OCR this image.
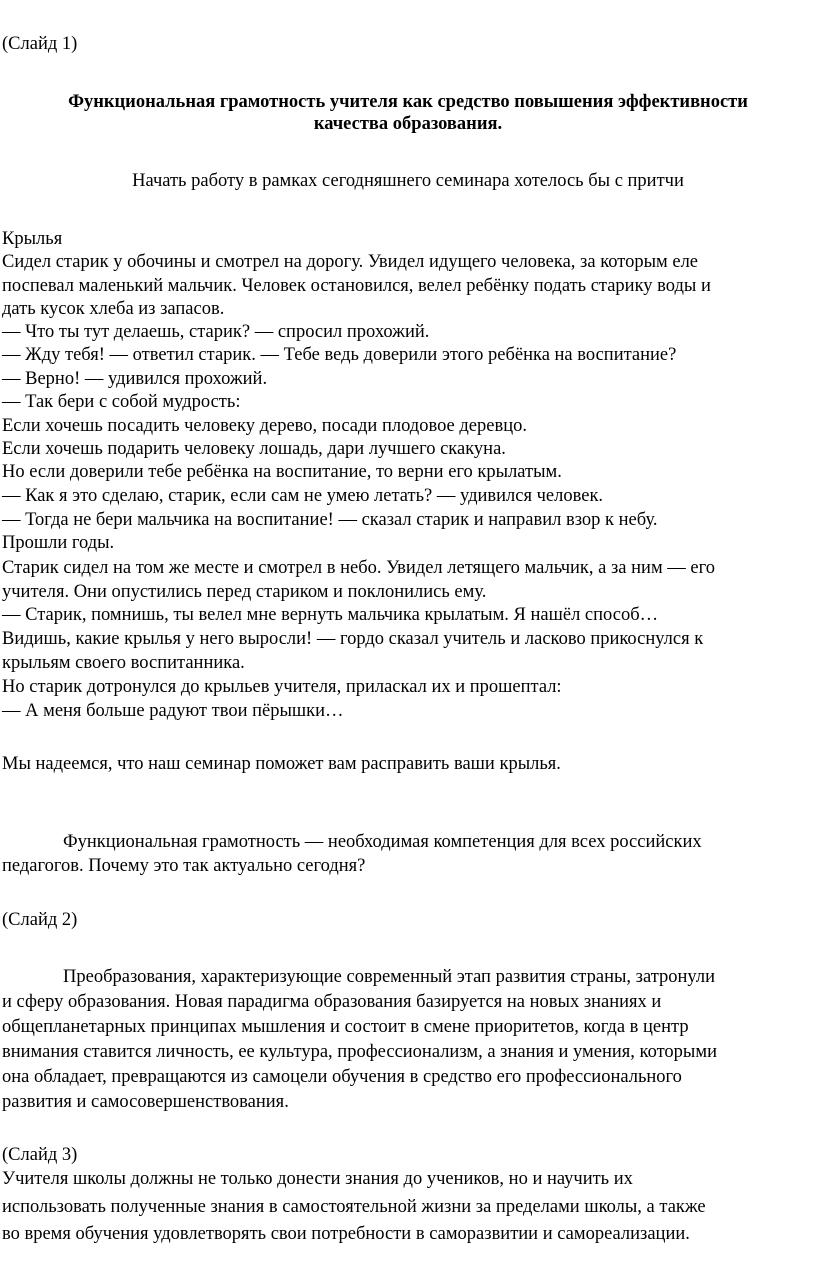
(Слайд 1)
Функциональная грамотность учителя как средство повышения эффективности
качества образования.
Начать работу в рамках сегодняшнего семинара хотелось бы с притчи
Крылья
Сидел старик у обочины и смотрел на дорогу. Увидел идущего человека, за которым еле
поспевал маленький мальчик. Человек остановился, велел ребёнку подать старику воды и
дать кусок хлеба из запасов.
— Что ты тут делаешь, старик? — спросил прохожий.
— Жду тебя! — ответил старик. — Тебе ведь доверили этого ребёнка на воспитание?
— Верно! — удивился прохожий.
— Так бери с собой мудрость:
Если хочешь посадить человеку дерево, посади плодовое деревцо.
Если хочешь подарить человеку лошадь, дари лучшего скакуна.
Но если доверили тебе ребёнка на воспитание, то верни его крылатым.
— Как я это сделаю, старик, если сам не умею летать? — удивился человек.
— Тогда не бери мальчика на воспитание! — сказал старик и направил взор к небу.
Прошли годы.
Старик сидел на том же месте и смотрел в небо. Увидел летящего мальчик, а за ним — его
учителя. Они опустились перед стариком и поклонились ему.
— Старик, помнишь, ты велел мне вернуть мальчика крылатым. Я нашёл способ…
Видишь, какие крылья у него выросли! — гордо сказал учитель и ласково прикоснулся к
крыльям своего воспитанника.
Но старик дотронулся до крыльев учителя, приласкал их и прошептал:
— А меня больше радуют твои пёрышки…
Мы надеемся, что наш семинар поможет вам расправить ваши крылья.
Функциональная грамотность — необходимая компетенция для всех российских
педагогов. Почему это так актуально сегодня?
(Слайд 2)
Преобразования, характеризующие современный этап развития страны, затронули
и сферу образования. Новая парадигма образования базируется на новых знаниях и
общепланетарных принципах мышления и состоит в смене приоритетов, когда в центр
внимания ставится личность, ее культура, профессионализм, а знания и умения, которыми
она обладает, превращаются из самоцели обучения в средство его профессионального
развития и самосовершенствования.
(Слайд 3)
Учителя школы должны не только донести знания до учеников, но и научить их
использовать полученные знания в самостоятельной жизни за пределами школы, а также
во время обучения удовлетворять свои потребности в саморазвитии и самореализации.
